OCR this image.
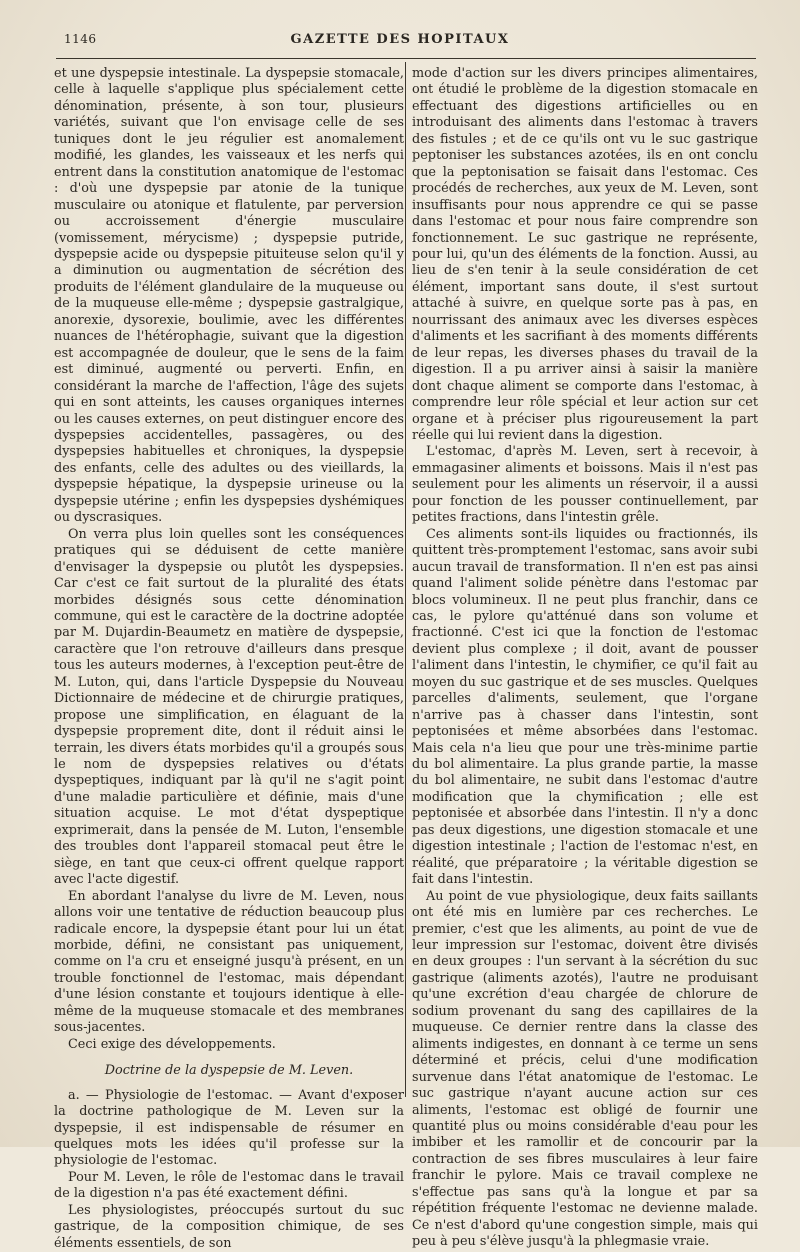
1146	GAZETTE DES HOPITAUX

et une dyspepsie intestinale. La dyspepsie stomacale, celle à laquelle s'applique plus spécialement cette dénomination, présente, à son tour, plusieurs variétés, suivant que l'on envisage celle de ses tuniques dont le jeu régulier est anomalement modifié, les glandes, les vaisseaux et les nerfs qui entrent dans la constitution anatomique de l'estomac : d'où une dyspepsie par atonie de la tunique musculaire ou atonique et flatulente, par perversion ou accroissement d'énergie musculaire (vomissement, mérycisme) ; dyspepsie putride, dyspepsie acide ou dyspepsie pituiteuse selon qu'il y a diminution ou augmentation de sécrétion des produits de l'élément glandulaire de la muqueuse ou de la muqueuse elle-même ; dyspepsie gastralgique, anorexie, dysorexie, boulimie, avec les différentes nuances de l'hétérophagie, suivant que la digestion est accompagnée de douleur, que le sens de la faim est diminué, augmenté ou perverti. Enfin, en considérant la marche de l'affection, l'âge des sujets qui en sont atteints, les causes organiques internes ou les causes externes, on peut distinguer encore des dyspepsies accidentelles, passagères, ou des dyspepsies habituelles et chroniques, la dyspepsie des enfants, celle des adultes ou des vieillards, la dyspepsie hépatique, la dyspepsie urineuse ou la dyspepsie utérine ; enfin les dyspepsies dyshémiques ou dyscrasiques.

On verra plus loin quelles sont les conséquences pratiques qui se déduisent de cette manière d'envisager la dyspepsie ou plutôt les dyspepsies. Car c'est ce fait surtout de la pluralité des états morbides désignés sous cette dénomination commune, qui est le caractère de la doctrine adoptée par M. Dujardin-Beaumetz en matière de dyspepsie, caractère que l'on retrouve d'ailleurs dans presque tous les auteurs modernes, à l'exception peut-être de M. Luton, qui, dans l'article Dyspepsie du Nouveau Dictionnaire de médecine et de chirurgie pratiques, propose une simplification, en élaguant de la dyspepsie proprement dite, dont il réduit ainsi le terrain, les divers états morbides qu'il a groupés sous le nom de dyspepsies relatives ou d'états dyspeptiques, indiquant par là qu'il ne s'agit point d'une maladie particulière et définie, mais d'une situation acquise. Le mot d'état dyspeptique exprimerait, dans la pensée de M. Luton, l'ensemble des troubles dont l'appareil stomacal peut être le siège, en tant que ceux-ci offrent quelque rapport avec l'acte digestif.

En abordant l'analyse du livre de M. Leven, nous allons voir une tentative de réduction beaucoup plus radicale encore, la dyspepsie étant pour lui un état morbide, défini, ne consistant pas uniquement, comme on l'a cru et enseigné jusqu'à présent, en un trouble fonctionnel de l'estomac, mais dépendant d'une lésion constante et toujours identique à elle-même de la muqueuse stomacale et des membranes sous-jacentes.

Ceci exige des développements.

Doctrine de la dyspepsie de M. Leven.

a. — Physiologie de l'estomac. — Avant d'exposer la doctrine pathologique de M. Leven sur la dyspepsie, il est indispensable de résumer en quelques mots les idées qu'il professe sur la physiologie de l'estomac.

Pour M. Leven, le rôle de l'estomac dans le travail de la digestion n'a pas été exactement défini.

Les physiologistes, préoccupés surtout du suc gastrique, de la composition chimique, de ses éléments essentiels, de son

mode d'action sur les divers principes alimentaires, ont étudié le problème de la digestion stomacale en effectuant des digestions artificielles ou en introduisant des aliments dans l'estomac à travers des fistules ; et de ce qu'ils ont vu le suc gastrique peptoniser les substances azotées, ils en ont conclu que la peptonisation se faisait dans l'estomac. Ces procédés de recherches, aux yeux de M. Leven, sont insuffisants pour nous apprendre ce qui se passe dans l'estomac et pour nous faire comprendre son fonctionnement. Le suc gastrique ne représente, pour lui, qu'un des éléments de la fonction. Aussi, au lieu de s'en tenir à la seule considération de cet élément, important sans doute, il s'est surtout attaché à suivre, en quelque sorte pas à pas, en nourrissant des animaux avec les diverses espèces d'aliments et les sacrifiant à des moments différents de leur repas, les diverses phases du travail de la digestion. Il a pu arriver ainsi à saisir la manière dont chaque aliment se comporte dans l'estomac, à comprendre leur rôle spécial et leur action sur cet organe et à préciser plus rigoureusement la part réelle qui lui revient dans la digestion.

L'estomac, d'après M. Leven, sert à recevoir, à emmagasiner aliments et boissons. Mais il n'est pas seulement pour les aliments un réservoir, il a aussi pour fonction de les pousser continuellement, par petites fractions, dans l'intestin grêle.

Ces aliments sont-ils liquides ou fractionnés, ils quittent très-promptement l'estomac, sans avoir subi aucun travail de transformation. Il n'en est pas ainsi quand l'aliment solide pénètre dans l'estomac par blocs volumineux. Il ne peut plus franchir, dans ce cas, le pylore qu'atténué dans son volume et fractionné. C'est ici que la fonction de l'estomac devient plus complexe ; il doit, avant de pousser l'aliment dans l'intestin, le chymifier, ce qu'il fait au moyen du suc gastrique et de ses muscles. Quelques parcelles d'aliments, seulement, que l'organe n'arrive pas à chasser dans l'intestin, sont peptonisées et même absorbées dans l'estomac. Mais cela n'a lieu que pour une très-minime partie du bol alimentaire. La plus grande partie, la masse du bol alimentaire, ne subit dans l'estomac d'autre modification que la chymification ; elle est peptonisée et absorbée dans l'intestin. Il n'y a donc pas deux digestions, une digestion stomacale et une digestion intestinale ; l'action de l'estomac n'est, en réalité, que préparatoire ; la véritable digestion se fait dans l'intestin.

Au point de vue physiologique, deux faits saillants ont été mis en lumière par ces recherches. Le premier, c'est que les aliments, au point de vue de leur impression sur l'estomac, doivent être divisés en deux groupes : l'un servant à la sécrétion du suc gastrique (aliments azotés), l'autre ne produisant qu'une excrétion d'eau chargée de chlorure de sodium provenant du sang des capillaires de la muqueuse. Ce dernier rentre dans la classe des aliments indigestes, en donnant à ce terme un sens déterminé et précis, celui d'une modification survenue dans l'état anatomique de l'estomac. Le suc gastrique n'ayant aucune action sur ces aliments, l'estomac est obligé de fournir une quantité plus ou moins considérable d'eau pour les imbiber et les ramollir et de concourir par la contraction de ses fibres musculaires à leur faire franchir le pylore. Mais ce travail complexe ne s'effectue pas sans qu'à la longue et par sa répétition fréquente l'estomac ne devienne malade. Ce n'est d'abord qu'une congestion simple, mais qui peu à peu s'élève jusqu'à la phlegmasie vraie.
